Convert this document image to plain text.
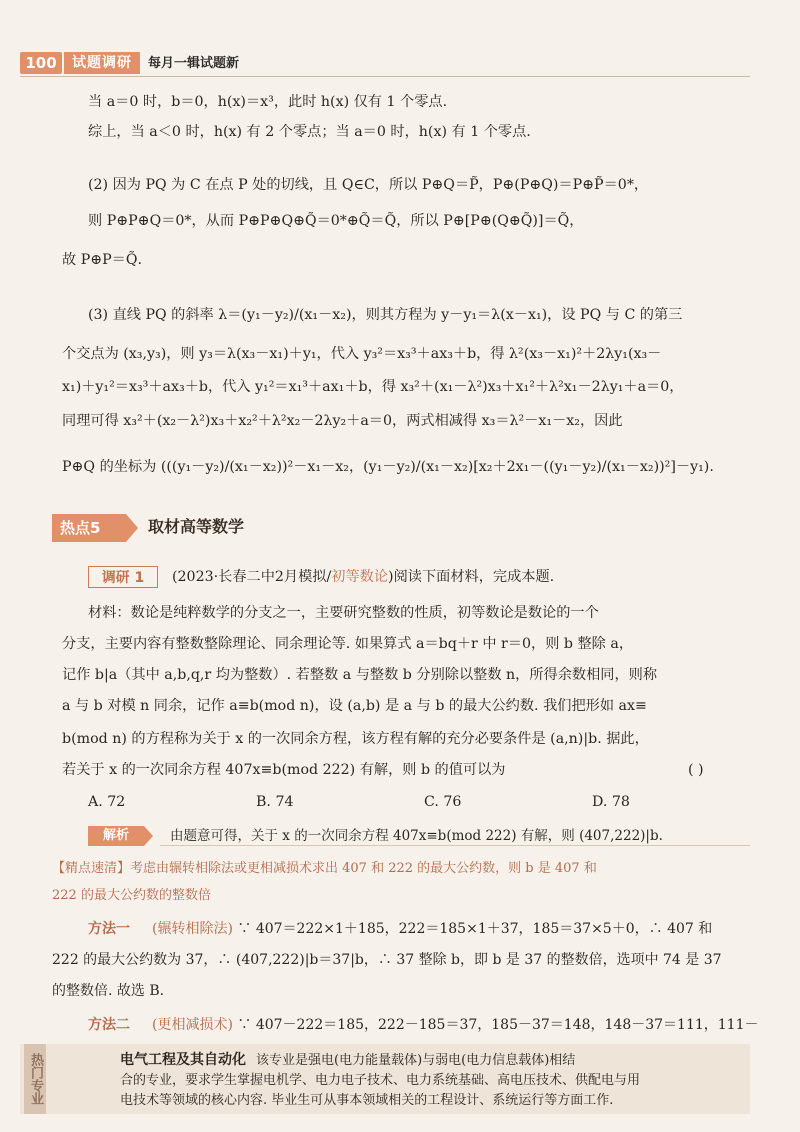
100	试题调研	每月一辑试题新
当 a＝0 时，b＝0，h(x)＝x³，此时 h(x) 仅有 1 个零点.
综上，当 a＜0 时，h(x) 有 2 个零点；当 a＝0 时，h(x) 有 1 个零点.
(2) 因为 PQ 为 C 在点 P 处的切线，且 Q∈C，所以 P⊕Q＝P̃，P⊕(P⊕Q)＝P⊕P̃＝0*，
则 P⊕P⊕Q＝0*，从而 P⊕P⊕Q⊕Q̃＝0*⊕Q̃＝Q̃，所以 P⊕[P⊕(Q⊕Q̃)]＝Q̃，
故 P⊕P＝Q̃.
(3) 直线 PQ 的斜率 λ＝(y₁－y₂)/(x₁－x₂)，则其方程为 y－y₁＝λ(x－x₁)，设 PQ 与 C 的第三
个交点为 (x₃,y₃)，则 y₃＝λ(x₃－x₁)＋y₁，代入 y₃²＝x₃³＋ax₃＋b，得 λ²(x₃－x₁)²＋2λy₁(x₃－
x₁)＋y₁²＝x₃³＋ax₃＋b，代入 y₁²＝x₁³＋ax₁＋b，得 x₃²＋(x₁－λ²)x₃＋x₁²＋λ²x₁－2λy₁＋a＝0，
同理可得 x₃²＋(x₂－λ²)x₃＋x₂²＋λ²x₂－2λy₂＋a＝0，两式相减得 x₃＝λ²－x₁－x₂，因此
P⊕Q 的坐标为 (((y₁－y₂)/(x₁－x₂))²－x₁－x₂，(y₁－y₂)/(x₁－x₂)[x₂＋2x₁－((y₁－y₂)/(x₁－x₂))²]－y₁).
热点5	取材高等数学
调研 1	(2023·长春二中2月模拟/初等数论)阅读下面材料，完成本题.
材料：数论是纯粹数学的分支之一，主要研究整数的性质，初等数论是数论的一个
分支，主要内容有整数整除理论、同余理论等. 如果算式 a＝bq＋r 中 r＝0，则 b 整除 a，
记作 b|a（其中 a,b,q,r 均为整数）. 若整数 a 与整数 b 分别除以整数 n，所得余数相同，则称
a 与 b 对模 n 同余，记作 a≡b(mod n)，设 (a,b) 是 a 与 b 的最大公约数. 我们把形如 ax≡
b(mod n) 的方程称为关于 x 的一次同余方程，该方程有解的充分必要条件是 (a,n)|b. 据此，
若关于 x 的一次同余方程 407x≡b(mod 222) 有解，则 b 的值可以为	( )
A. 72	B. 74	C. 76	D. 78
解析	由题意可得，关于 x 的一次同余方程 407x≡b(mod 222) 有解，则 (407,222)|b.
【精点速清】考虑由辗转相除法或更相减损术求出 407 和 222 的最大公约数，则 b 是 407 和
222 的最大公约数的整数倍
方法一 (辗转相除法) ∵ 407＝222×1＋185，222＝185×1＋37，185＝37×5＋0，∴ 407 和
222 的最大公约数为 37，∴ (407,222)|b＝37|b，∴ 37 整除 b，即 b 是 37 的整数倍，选项中 74 是 37
的整数倍. 故选 B.
方法二 (更相减损术) ∵ 407－222＝185，222－185＝37，185－37＝148，148－37＝111，111－
热门专业	电气工程及其自动化 该专业是强电(电力能量载体)与弱电(电力信息载体)相结
合的专业，要求学生掌握电机学、电力电子技术、电力系统基础、高电压技术、供配电与用
电技术等领域的核心内容. 毕业生可从事本领域相关的工程设计、系统运行等方面工作.
